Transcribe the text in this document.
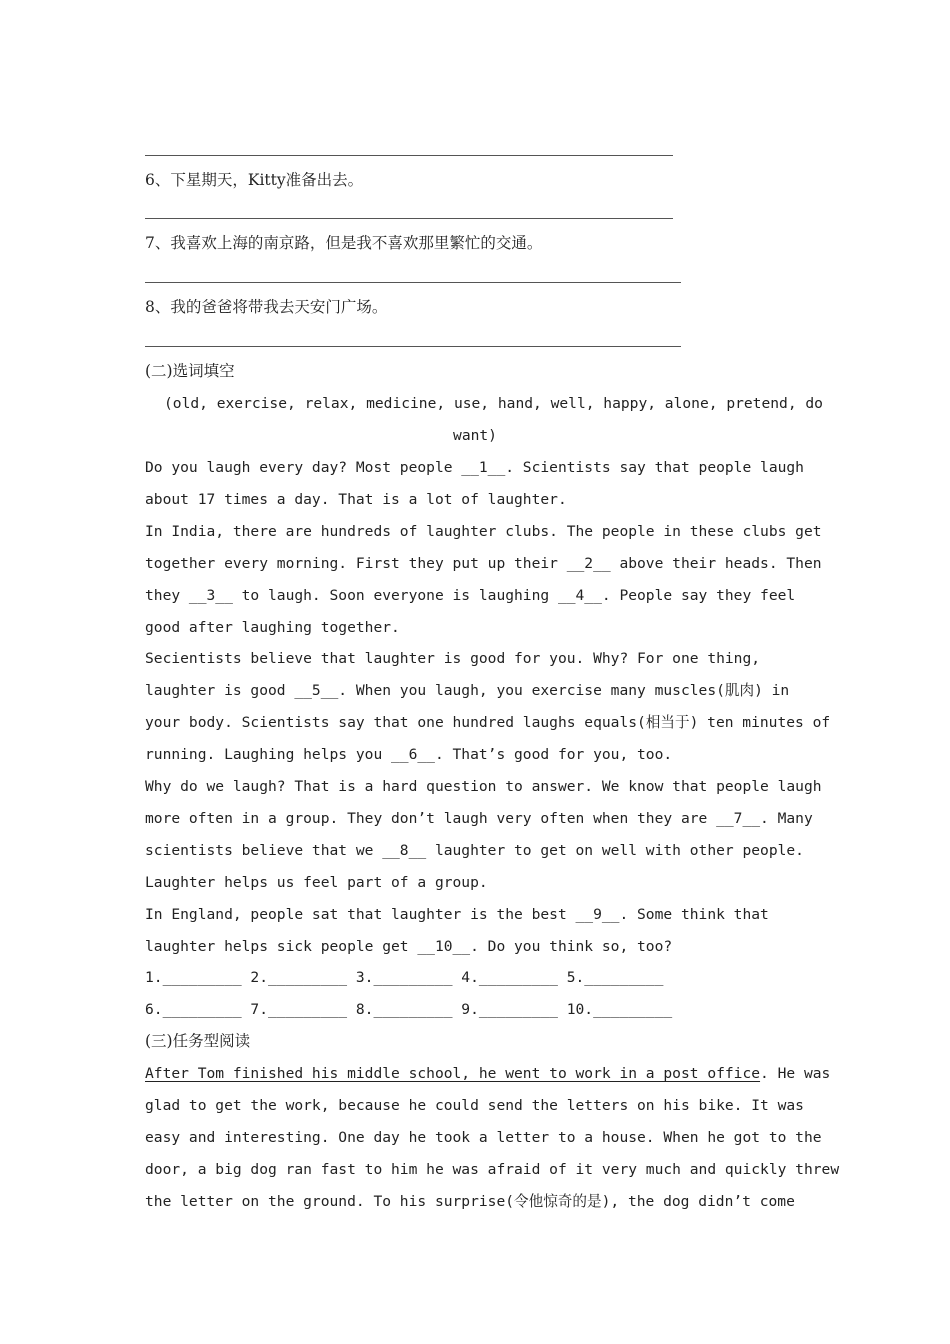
6、下星期天，Kitty准备出去。
7、我喜欢上海的南京路，但是我不喜欢那里繁忙的交通。
8、我的爸爸将带我去天安门广场。
(二)选词填空
(old, exercise, relax, medicine, use, hand, well, happy, alone, pretend, do
want)
Do you laugh every day? Most people __1__. Scientists say that people laugh
about 17 times a day. That is a lot of laughter.
In India, there are hundreds of laughter clubs. The people in these clubs get
together every morning. First they put up their __2__ above their heads. Then
they __3__ to laugh. Soon everyone is laughing __4__. People say they feel
good after laughing together.
Secientists believe that laughter is good for you. Why? For one thing,
laughter is good __5__. When you laugh, you exercise many muscles(肌肉) in
your body. Scientists say that one hundred laughs equals(相当于) ten minutes of
running. Laughing helps you __6__. That’s good for you, too.
Why do we laugh? That is a hard question to answer. We know that people laugh
more often in a group. They don’t laugh very often when they are __7__. Many
scientists believe that we __8__ laughter to get on well with other people.
Laughter helps us feel part of a group.
In England, people sat that laughter is the best __9__. Some think that
laughter helps sick people get __10__. Do you think so, too?
1._________ 2._________ 3._________ 4._________ 5._________
6._________ 7._________ 8._________ 9._________ 10._________
(三)任务型阅读
After Tom finished his middle school, he went to work in a post office. He was
glad to get the work, because he could send the letters on his bike. It was
easy and interesting. One day he took a letter to a house. When he got to the
door, a big dog ran fast to him he was afraid of it very much and quickly threw
the letter on the ground. To his surprise(令他惊奇的是), the dog didn’t come
